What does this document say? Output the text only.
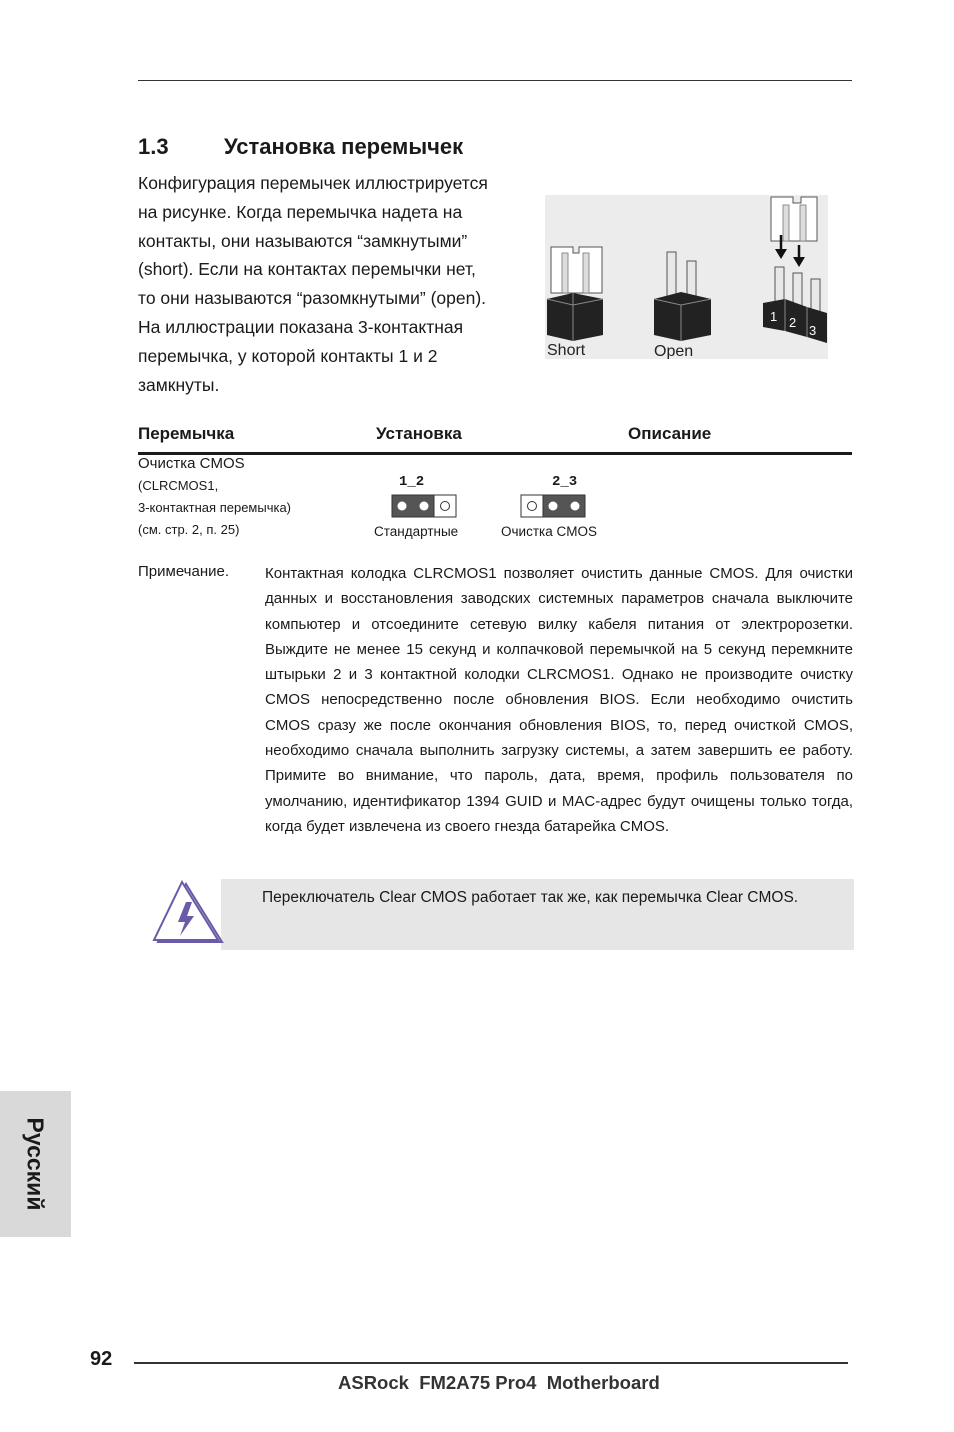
1.3	Установка перемычек

Конфигурация перемычек иллюстрируется

на рисунке. Когда перемычка надета на

контакты, они называются “замкнутыми”

(short). Если на контактах перемычки нет,

то они называются “разомкнутыми” (open).

На иллюстрации показана 3-контактная

перемычка, у которой контакты 1 и 2

замкнуты.

1 2
3
Short	Open
Перемычка	Установка	Описание
Очистка CMOS
(CLRCMOS1,
3-контактная перемычка)
(см. стр. 2, п. 25)
1_2
Стандартные
2_3
Очистка CMOS
Примечание. Контактная колодка CLRCMOS1 позволяет очистить данные CMOS. Для очистки данных и восстановления заводских системных параметров сначала выключите компьютер и отсоедините сетевую вилку кабеля питания от электророзетки. Выждите не менее 15 секунд и колпачковой перемычкой на 5 секунд перемкните штырьки 2 и 3 контактной колодки CLRCMOS1. Однако не производите очистку CMOS непосредственно после обновления BIOS. Если необходимо очистить CMOS сразу же после окончания обновления BIOS, то, перед очисткой CMOS, необходимо сначала выполнить загрузку системы, а затем завершить ее работу. Примите во внимание, что пароль, дата, время, профиль пользователя по умолчанию, идентификатор 1394 GUID и MAC-адрес будут очищены только тогда, когда будет извлечена из своего гнезда батарейка CMOS.
Переключатель Clear CMOS работает так же, как перемычка Clear CMOS.
Русский
92
ASRock  FM2A75 Pro4  Motherboard
